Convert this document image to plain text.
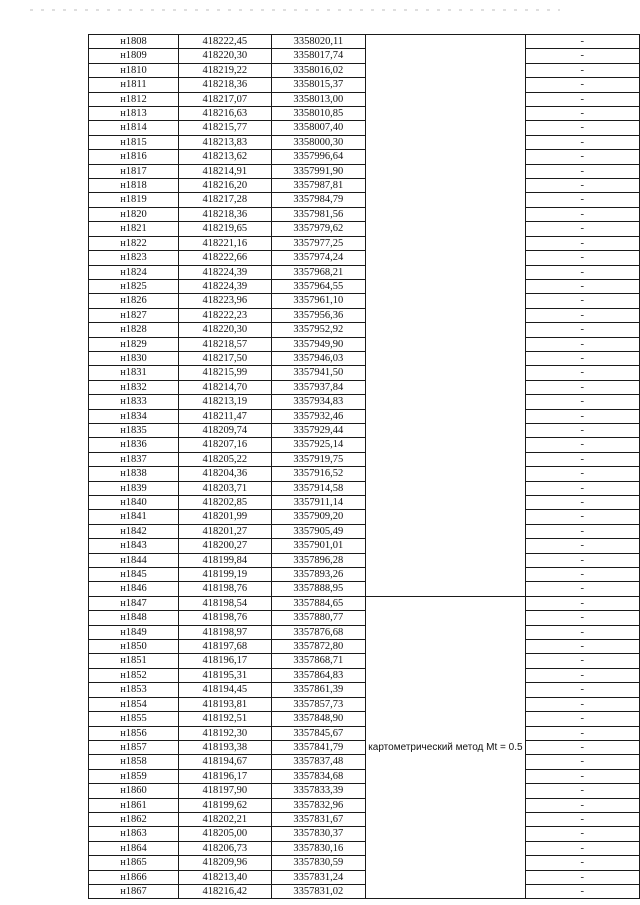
н1808	418222,45	3358020,11		-
н1809	418220,30	3358017,74		-
н1810	418219,22	3358016,02		-
н1811	418218,36	3358015,37		-
н1812	418217,07	3358013,00		-
н1813	418216,63	3358010,85		-
н1814	418215,77	3358007,40		-
н1815	418213,83	3358000,30		-
н1816	418213,62	3357996,64		-
н1817	418214,91	3357991,90		-
н1818	418216,20	3357987,81		-
н1819	418217,28	3357984,79		-
н1820	418218,36	3357981,56		-
н1821	418219,65	3357979,62		-
н1822	418221,16	3357977,25		-
н1823	418222,66	3357974,24		-
н1824	418224,39	3357968,21		-
н1825	418224,39	3357964,55		-
н1826	418223,96	3357961,10		-
н1827	418222,23	3357956,36		-
н1828	418220,30	3357952,92		-
н1829	418218,57	3357949,90		-
н1830	418217,50	3357946,03		-
н1831	418215,99	3357941,50		-
н1832	418214,70	3357937,84		-
н1833	418213,19	3357934,83		-
н1834	418211,47	3357932,46		-
н1835	418209,74	3357929,44		-
н1836	418207,16	3357925,14		-
н1837	418205,22	3357919,75		-
н1838	418204,36	3357916,52		-
н1839	418203,71	3357914,58		-
н1840	418202,85	3357911,14		-
н1841	418201,99	3357909,20		-
н1842	418201,27	3357905,49		-
н1843	418200,27	3357901,01		-
н1844	418199,84	3357896,28		-
н1845	418199,19	3357893,26		-
н1846	418198,76	3357888,95		-
н1847	418198,54	3357884,65	картометрический метод Mt = 0.5	-
н1848	418198,76	3357880,77		-
н1849	418198,97	3357876,68		-
н1850	418197,68	3357872,80		-
н1851	418196,17	3357868,71		-
н1852	418195,31	3357864,83		-
н1853	418194,45	3357861,39		-
н1854	418193,81	3357857,73		-
н1855	418192,51	3357848,90		-
н1856	418192,30	3357845,67		-
н1857	418193,38	3357841,79		-
н1858	418194,67	3357837,48		-
н1859	418196,17	3357834,68		-
н1860	418197,90	3357833,39		-
н1861	418199,62	3357832,96		-
н1862	418202,21	3357831,67		-
н1863	418205,00	3357830,37		-
н1864	418206,73	3357830,16		-
н1865	418209,96	3357830,59		-
н1866	418213,40	3357831,24		-
н1867	418216,42	3357831,02		-
